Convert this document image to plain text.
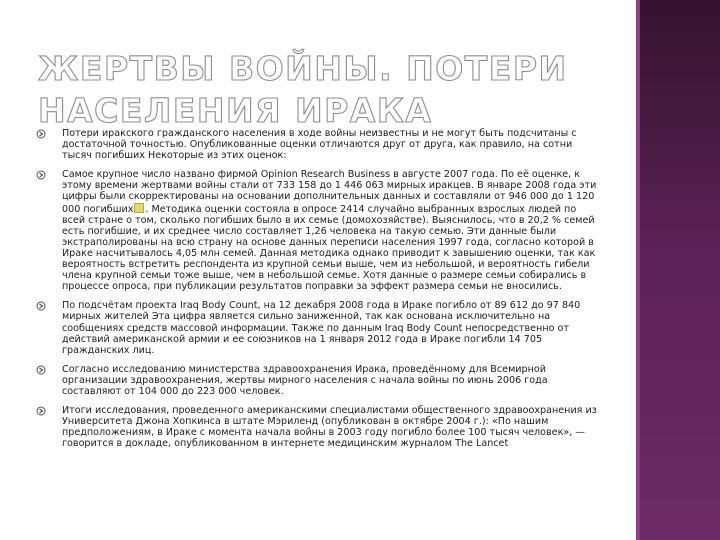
ЖЕРТВЫ ВОЙНЫ. ПОТЕРИ НАСЕЛЕНИЯ ИРАКА
Потери иракского гражданского населения в ходе войны неизвестны и не могут быть подсчитаны с достаточной точностью. Опубликованные оценки отличаются друг от друга, как правило, на сотни тысяч погибших Некоторые из этих оценок:
Самое крупное число названо фирмой Opinion Research Business в августе 2007 года. По её оценке, к этому времени жертвами войны стали от 733 158 до 1 446 063 мирных иракцев. В январе 2008 года эти цифры были скорректированы на основании дополнительных данных и составляли от 946 000 до 1 120 000 погибших . Методика оценки состояла в опросе 2414 случайно выбранных взрослых людей по всей стране о том, сколько погибших было в их семье (домохозяйстве). Выяснилось, что в 20,2 % семей есть погибшие, и их среднее число составляет 1,26 человека на такую семью. Эти данные были экстраполированы на всю страну на основе данных переписи населения 1997 года, согласно которой в Ираке насчитывалось 4,05 млн семей. Данная методика однако приводит к завышению оценки, так как вероятность встретить респондента из крупной семьи выше, чем из небольшой, и вероятность гибели члена крупной семьи тоже выше, чем в небольшой семье. Хотя данные о размере семьи собирались в процессе опроса, при публикации результатов поправки за эффект размера семьи не вносились.
По подсчётам проекта Iraq Body Count, на 12 декабря 2008 года в Ираке погибло от 89 612 до 97 840 мирных жителей Эта цифра является сильно заниженной, так как основана исключительно на сообщениях средств массовой информации. Также по данным Iraq Body Count непосредственно от действий американской армии и ее союзников на 1 января 2012 года в Ираке погибли 14 705 гражданских лиц.
Согласно исследованию министерства здравоохранения Ирака, проведённому для Всемирной организации здравоохранения, жертвы мирного населения с начала войны по июнь 2006 года составляют от 104 000 до 223 000 человек.
Итоги исследования, проведенного американскими специалистами общественного здравоохранения из Университета Джона Хопкинса в штате Мэриленд (опубликован в октябре 2004 г.): «По нашим предположениям, в Ираке с момента начала войны в 2003 году погибло более 100 тысяч человек», — говорится в докладе, опубликованном в интернете медицинским журналом The Lancet
